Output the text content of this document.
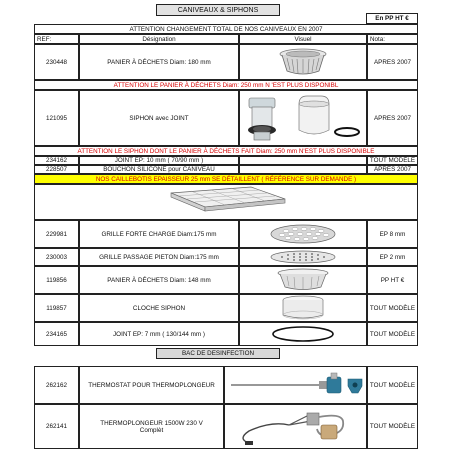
CANIVEAUX & SIPHONS
En PP HT €
ATTENTION CHANGEMENT TOTAL DE NOS CANIVEAUX EN 2007
REF:	Désignation	Visuel	Nota:
230448	PANIER À DÉCHETS Diam: 180 mm	APRES 2007
ATTENTION LE PANIER À DÉCHETS Diam: 250 mm N 'EST PLUS DISPONIBL
121095	SIPHON avec JOINT	APRES 2007
ATTENTION LE SIPHON DONT LE PANIER À DÉCHETS FAIT Diam: 250 mm N'EST PLUS DISPONIBLE
234162	JOINT EP: 10 mm ( 70/90 mm )	TOUT MODÈLE
228507	BOUCHON SILICONE pour CANIVEAU	APRES 2007
NOS CAILLEBOTIS EPAISSEUR 25 mm SE DÉTAILLENT ( RÉFÉRENCE SUR DEMANDE )
229981	GRILLE FORTE CHARGE Diam:175 mm	EP 8 mm
230003	GRILLE PASSAGE PIETON Diam:175 mm	EP 2 mm
119856	PANIER À DÉCHETS Diam: 148 mm	PP HT €
119857	CLOCHE SIPHON	TOUT MODÈLE
234165	JOINT EP: 7 mm ( 130/144 mm )	TOUT MODÈLE
BAC DE DESINFECTION
262162	THERMOSTAT POUR THERMOPLONGEUR	TOUT MODÈLE
262141	THERMOPLONGEUR 1500W 230 V Complèt	TOUT MODÈLE
